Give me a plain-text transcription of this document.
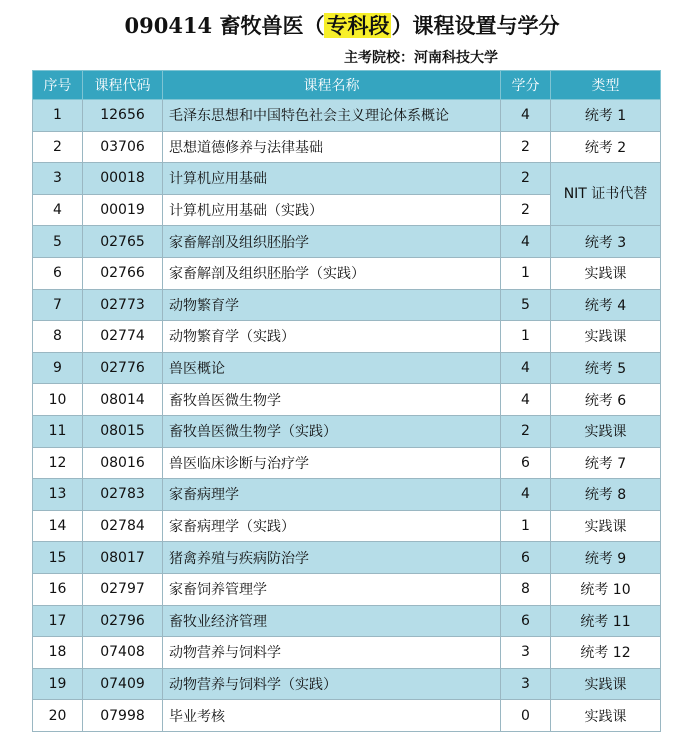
090414 畜牧兽医（专科段）课程设置与学分
主考院校：河南科技大学
序号	课程代码	课程名称	学分	类型
1	12656	毛泽东思想和中国特色社会主义理论体系概论	4	统考 1
2	03706	思想道德修养与法律基础	2	统考 2
3	00018	计算机应用基础	2	NIT 证书代替
4	00019	计算机应用基础（实践）	2	
5	02765	家畜解剖及组织胚胎学	4	统考 3
6	02766	家畜解剖及组织胚胎学（实践）	1	实践课
7	02773	动物繁育学	5	统考 4
8	02774	动物繁育学（实践）	1	实践课
9	02776	兽医概论	4	统考 5
10	08014	畜牧兽医微生物学	4	统考 6
11	08015	畜牧兽医微生物学（实践）	2	实践课
12	08016	兽医临床诊断与治疗学	6	统考 7
13	02783	家畜病理学	4	统考 8
14	02784	家畜病理学（实践）	1	实践课
15	08017	猪禽养殖与疾病防治学	6	统考 9
16	02797	家畜饲养管理学	8	统考 10
17	02796	畜牧业经济管理	6	统考 11
18	07408	动物营养与饲料学	3	统考 12
19	07409	动物营养与饲料学（实践）	3	实践课
20	07998	毕业考核	0	实践课
